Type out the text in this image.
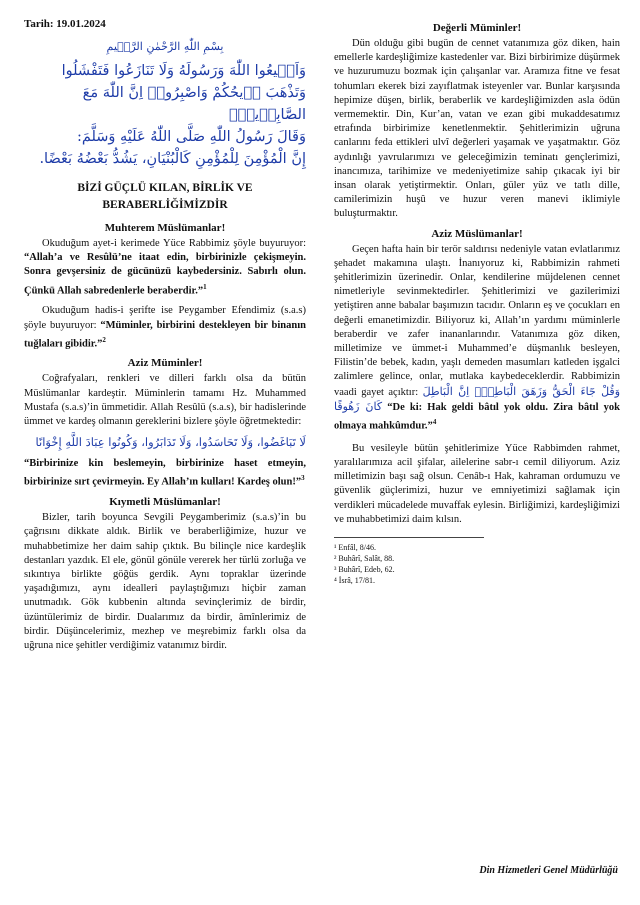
Tarih: 19.01.2024
بِسْمِ اللّٰهِ الرَّحْمٰنِ الرَّح۪يمِ
وَاَط۪يعُوا اللّٰهَ وَرَسُولَهُ وَلَا تَنَازَعُوا فَتَفْشَلُوا وَتَذْهَبَ ر۪يحُكُمْ وَاصْبِرُواۜ اِنَّ اللّٰهَ مَعَ الصَّابِر۪ينَۚ
وَقَالَ رَسُولُ اللّٰهِ صَلَّى اللّٰهُ عَلَيْهِ وَسَلَّمَ:
إِنَّ الْمُؤْمِنَ لِلْمُؤْمِنِ كَالْبُنْيَانِ، يَشُدُّ بَعْضُهُ بَعْضًا.
BİZİ GÜÇLÜ KILAN, BİRLİK VE BERABERLİĞİMİZDİR
Muhterem Müslümanlar!

Okuduğum ayet-i kerimede Yüce Rabbimiz şöyle buyuruyor: “Allah’a ve Resûlü’ne itaat edin, birbirinizle çekişmeyin. Sonra gevşersiniz de gücünüzü kaybedersiniz. Sabırlı olun. Çünkü Allah sabredenlerle beraberdir.”$^1$

Okuduğum hadis-i şerifte ise Peygamber Efendimiz (s.a.s) şöyle buyuruyor: “Müminler, birbirini destekleyen bir binanın tuğlaları gibidir.”$^2$

Aziz Müminler!

Coğrafyaları, renkleri ve dilleri farklı olsa da bütün Müslümanlar kardeştir. Müminlerin tamamı Hz. Muhammed Mustafa (s.a.s)’in ümmetidir. Allah Resûlü (s.a.s), bir hadislerinde ümmet ve kardeş olmanın gereklerini bizlere şöyle öğretmektedir:

لَا تَبَاغَضُوا، وَلَا تَحَاسَدُوا، وَلَا تَدَابَرُوا، وَكُونُوا عِبَادَ اللَّهِ إِخْوَانًا

“Birbirinize kin beslemeyin, birbirinize haset etmeyin, birbirinize sırt çevirmeyin. Ey Allah’ın kulları! Kardeş olun!”$^3$

Kıymetli Müslümanlar!

Bizler, tarih boyunca Sevgili Peygamberimiz (s.a.s)’in bu çağrısını dikkate aldık. Birlik ve beraberliğimize, huzur ve muhabbetimize her daim sahip çıktık. Bu bilinçle nice kardeşlik destanları yazdık. El ele, gönül gönüle vererek her türlü zorluğa ve sıkıntıya birlikte göğüs gerdik. Aynı topraklar üzerinde yaşadığımızı, aynı idealleri paylaştığımızı hiçbir zaman unutmadık. Gök kubbenin altında sevinçlerimiz de birdir, üzüntülerimiz de birdir. Dualarımız da birdir, âmînlerimiz de birdir. Düşüncelerimiz, mezhep ve meşrebimiz farklı olsa da uğruna nice şehitler verdiğimiz vatanımız birdir.

Değerli Müminler!

Dün olduğu gibi bugün de cennet vatanımıza göz diken, hain emellerle kardeşliğimize kastedenler var. Bizi birbirimize düşürmek ve huzurumuzu bozmak için çalışanlar var. Aramıza fitne ve fesat tohumları ekerek bizi zayıflatmak isteyenler var. Bunlar karşısında hepimize düşen, birlik, beraberlik ve kardeşliğimizden asla ödün vermemektir. Din, Kur’an, vatan ve ezan gibi mukaddesatımız etrafında birbirimize kenetlenmektir. Şehitlerimizin uğruna canlarını feda ettikleri ulvî değerleri yaşamak ve yaşatmaktır. Göz aydınlığı yavrularımızı ve geleceğimizin teminatı gençlerimizi, inancımıza, tarihimize ve medeniyetimize sahip çıkacak iyi bir insan olarak yetiştirmektir. Onları, güler yüz ve tatlı dille, camilerimizin huşû ve huzur veren manevi iklimiyle buluşturmaktır.

Aziz Müslümanlar!

Geçen hafta hain bir terör saldırısı nedeniyle vatan evlatlarımız şehadet makamına ulaştı. İnanıyoruz ki, Rabbimizin rahmeti şehitlerimizin üzerinedir. Onlar, kendilerine müjdelenen cennet nimetleriyle sevinmektedirler. Şehitlerimizi ve gazilerimizi yetiştiren anne babalar başımızın tacıdır. Onların eş ve çocukları en değerli emanetimizdir. Biliyoruz ki, Allah’ın yardımı müminlerle beraberdir ve zafer inananlarındır. Vatanımıza göz diken, milletimize ve ümmet-i Muhammed’e düşmanlık besleyen, Filistin’de bebek, kadın, yaşlı demeden masumları katleden işgalci zalimlere gelince, onlar, mutlaka kaybedeceklerdir. Rabbimizin vaadi gayet açıktır: وَقُلْ جَٓاءَ الْحَقُّ وَزَهَقَ الْبَاطِلُۜ اِنَّ الْبَاطِلَ كَانَ زَهُوقًا “De ki: Hak geldi bâtıl yok oldu. Zira bâtıl yok olmaya mahkûmdur.”$^4$

Bu vesileyle bütün şehitlerimize Yüce Rabbimden rahmet, yaralılarımıza acil şifalar, ailelerine sabr-ı cemil diliyorum. Aziz milletimizin başı sağ olsun. Cenâb-ı Hak, kahraman ordumuzu ve güvenlik güçlerimizi, huzur ve emniyetimizi sağlamak için verdikleri mücadelede muvaffak eylesin. Birliğimizi, kardeşliğimizi ve muhabbetimizi daim kılsın.

¹ Enfâl, 8/46.

² Buhârî, Salât, 88.

³ Buhârî, Edeb, 62.

⁴ İsrâ, 17/81.

Din Hizmetleri Genel Müdürlüğü
